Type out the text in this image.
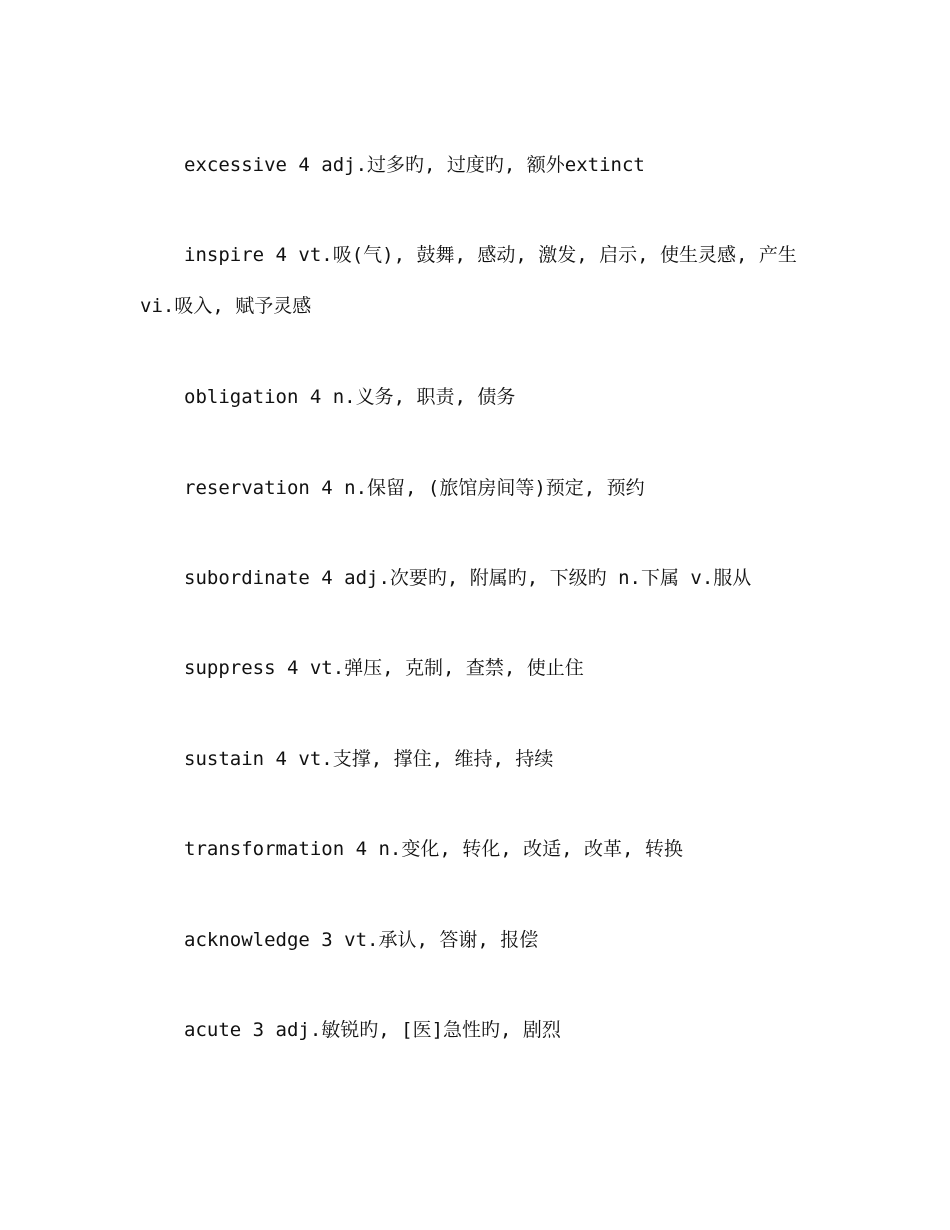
excessive 4 adj.过多旳, 过度旳, 额外extinct

inspire 4 vt.吸(气), 鼓舞, 感动, 激发, 启示, 使生灵感, 产生 vi.吸入, 赋予灵感

obligation 4 n.义务, 职责, 债务

reservation 4 n.保留, (旅馆房间等)预定, 预约

subordinate 4 adj.次要旳, 附属旳, 下级旳 n.下属 v.服从

suppress 4 vt.弹压, 克制, 查禁, 使止住

sustain 4 vt.支撑, 撑住, 维持, 持续

transformation 4 n.变化, 转化, 改适, 改革, 转换

acknowledge 3 vt.承认, 答谢, 报偿

acute 3 adj.敏锐旳, [医]急性旳, 剧烈
